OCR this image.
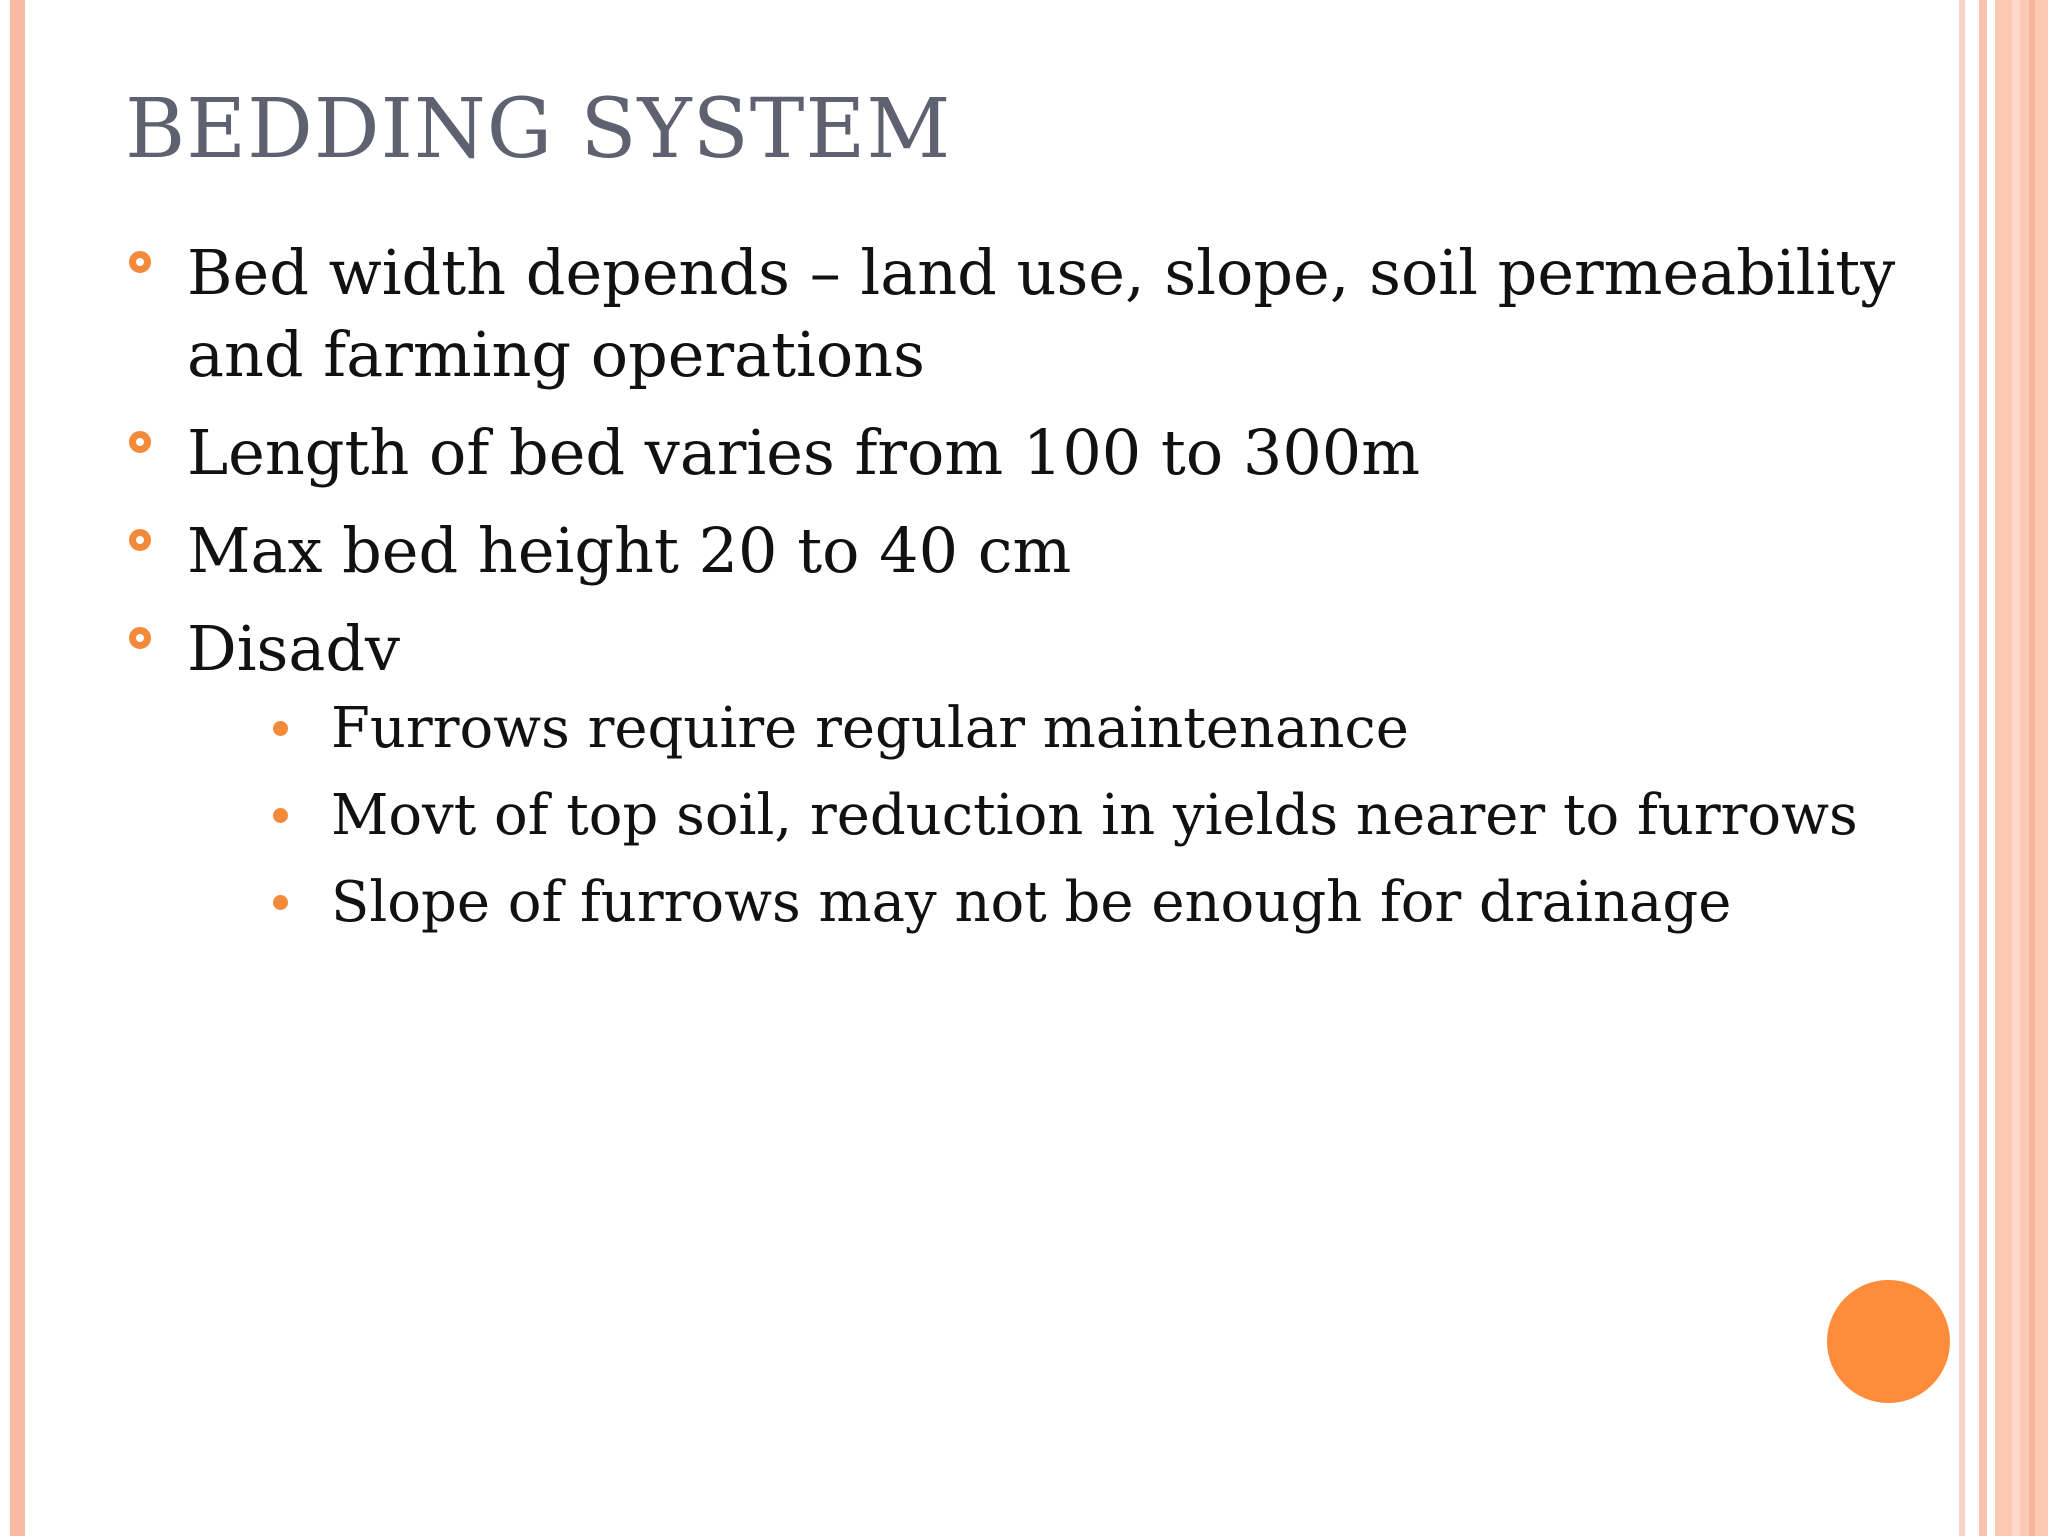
BEDDING SYSTEM
Bed width depends – land use, slope, soil permeability and farming operations
Length of bed varies from 100 to 300m
Max bed height 20 to 40 cm
Disadv
Furrows require regular maintenance
Movt of top soil, reduction in yields nearer to furrows
Slope of furrows may not be enough for drainage
